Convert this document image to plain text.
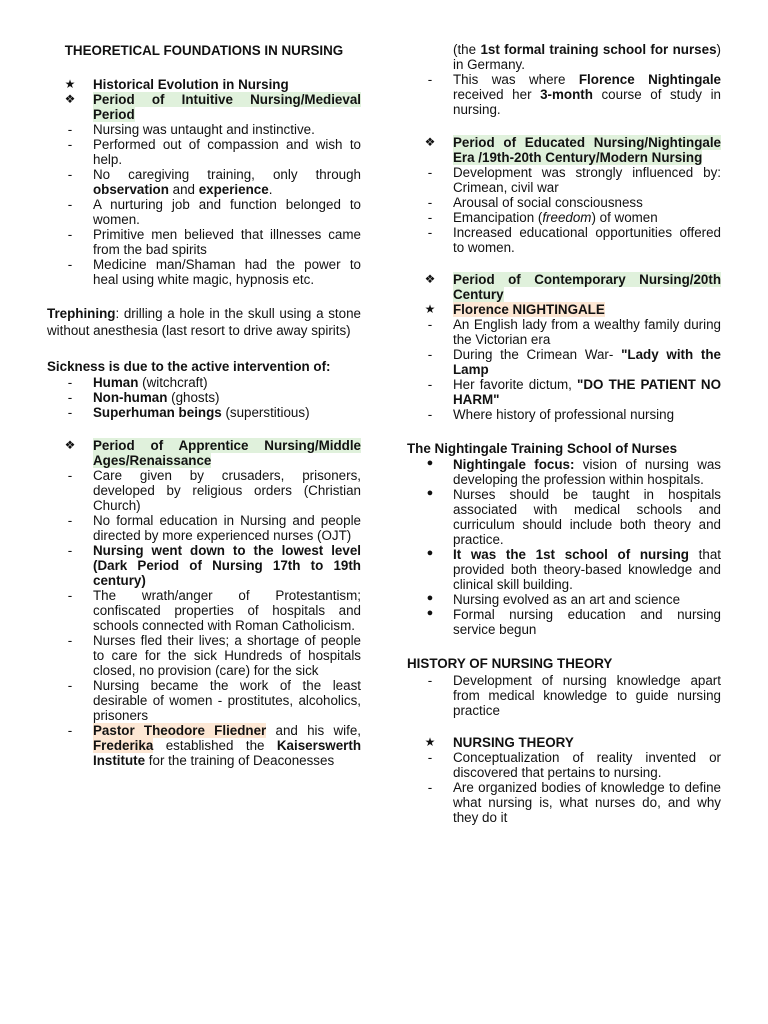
THEORETICAL FOUNDATIONS IN NURSING

★	Historical Evolution in Nursing
❖	Period of Intuitive Nursing/Medieval Period
-	Nursing was untaught and instinctive.
-	Performed out of compassion and wish to help.
-	No caregiving training, only through observation and experience.
-	A nurturing job and function belonged to women.
-	Primitive men believed that illnesses came from the bad spirits
-	Medicine man/Shaman had the power to heal using white magic, hypnosis etc.

Trephining: drilling a hole in the skull using a stone without anesthesia (last resort to drive away spirits)

Sickness is due to the active intervention of:

-	Human (witchcraft)
-	Non-human (ghosts)
-	Superhuman beings (superstitious)
❖	Period of Apprentice Nursing/Middle Ages/Renaissance
-	Care given by crusaders, prisoners, developed by religious orders (Christian Church)
-	No formal education in Nursing and people directed by more experienced nurses (OJT)
-	Nursing went down to the lowest level (Dark Period of Nursing 17th to 19th century)
-	The wrath/anger of Protestantism; confiscated properties of hospitals and schools connected with Roman Catholicism.
-	Nurses fled their lives; a shortage of people to care for the sick Hundreds of hospitals closed, no provision (care) for the sick
-	Nursing became the work of the least desirable of women - prostitutes, alcoholics, prisoners
-	Pastor Theodore Fliedner and his wife, Frederika established the Kaiserswerth Institute for the training of Deaconesses
(the 1st formal training school for nurses) in Germany.
-	This was where Florence Nightingale received her 3-month course of study in nursing.
❖	Period of Educated Nursing/Nightingale Era /19th-20th Century/Modern Nursing
-	Development was strongly influenced by: Crimean, civil war
-	Arousal of social consciousness
-	Emancipation (freedom) of women
-	Increased educational opportunities offered to women.
❖	Period of Contemporary Nursing/20th Century
★	Florence NIGHTINGALE
-	An English lady from a wealthy family during the Victorian era
-	During the Crimean War- "Lady with the Lamp
-	Her favorite dictum, "DO THE PATIENT NO HARM"
-	Where history of professional nursing

The Nightingale Training School of Nurses

●	Nightingale focus: vision of nursing was developing the profession within hospitals.
●	Nurses should be taught in hospitals associated with medical schools and curriculum should include both theory and practice.
●	It was the 1st school of nursing that provided both theory-based knowledge and clinical skill building.
●	Nursing evolved as an art and science
●	Formal nursing education and nursing service begun

HISTORY OF NURSING THEORY

-	Development of nursing knowledge apart from medical knowledge to guide nursing practice
★	NURSING THEORY
-	Conceptualization of reality invented or discovered that pertains to nursing.
-	Are organized bodies of knowledge to define what nursing is, what nurses do, and why they do it
